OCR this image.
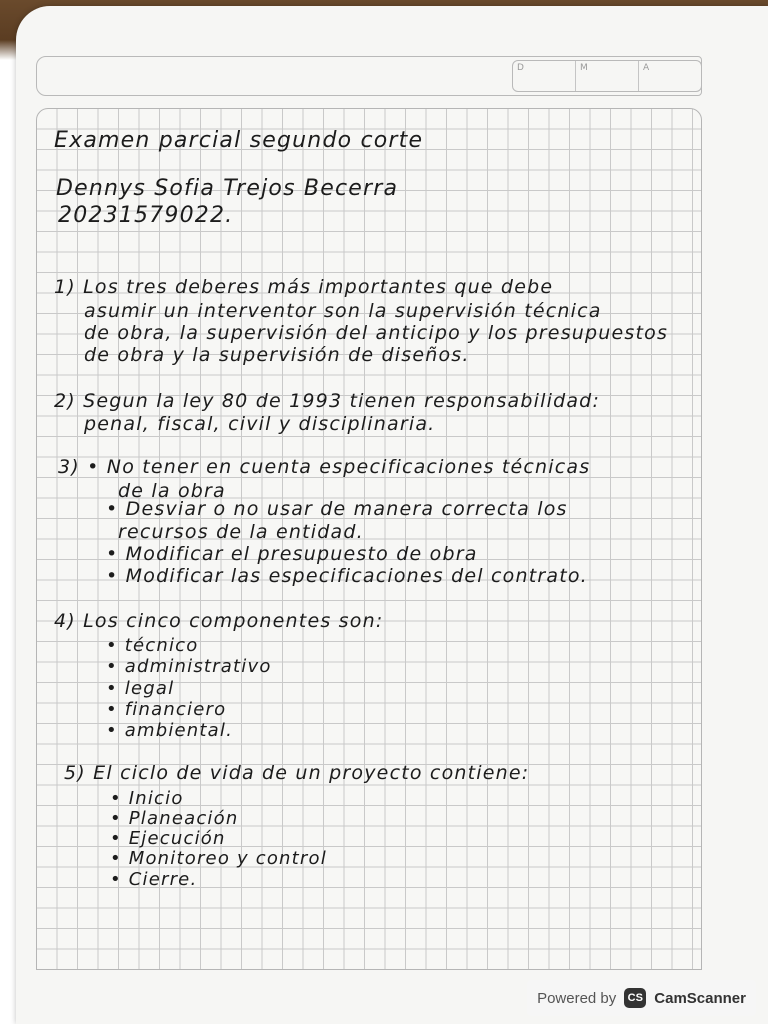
D	M	A
Examen parcial segundo corte
Dennys Sofia Trejos Becerra
20231579022.
1) Los tres deberes más importantes que debe
asumir un interventor son la supervisión técnica
de obra, la supervisión del anticipo y los presupuestos
de obra y la supervisión de diseños.
2) Segun la ley 80 de 1993 tienen responsabilidad:
penal, fiscal, civil y disciplinaria.
3) • No tener en cuenta especificaciones técnicas
de la obra
• Desviar o no usar de manera correcta los
recursos de la entidad.
• Modificar el presupuesto de obra
• Modificar las especificaciones del contrato.
4) Los cinco componentes son:
• técnico
• administrativo
• legal
• financiero
• ambiental.
5) El ciclo de vida de un proyecto contiene:
• Inicio
• Planeación
• Ejecución
• Monitoreo y control
• Cierre.
Powered by	CS CamScanner
